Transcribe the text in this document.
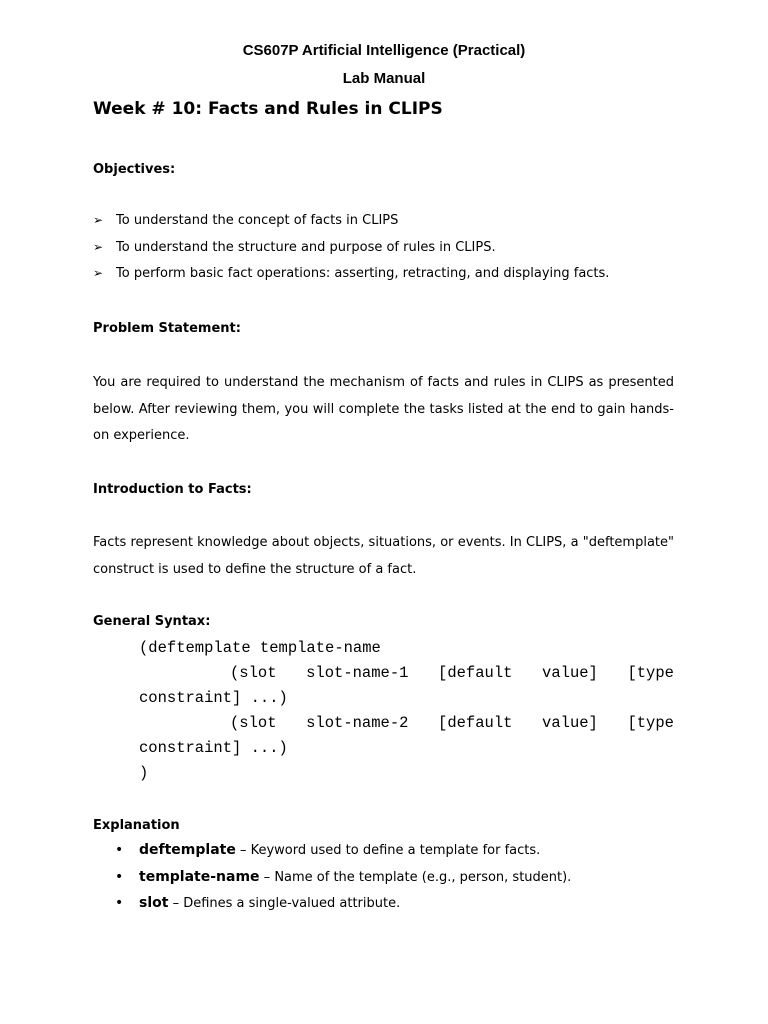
CS607P Artificial Intelligence (Practical)
Lab Manual
Week # 10: Facts and Rules in CLIPS
Objectives:
➢ To understand the concept of facts in CLIPS
➢ To understand the structure and purpose of rules in CLIPS.
➢ To perform basic fact operations: asserting, retracting, and displaying facts.
Problem Statement:

You are required to understand the mechanism of facts and rules in CLIPS as presented below. After reviewing them, you will complete the tasks listed at the end to gain hands-on experience.

Introduction to Facts:

Facts represent knowledge about objects, situations, or events. In CLIPS, a "deftemplate" construct is used to define the structure of a fact.

General Syntax:
(deftemplate template-name
(slot slot-name-1 [default value] [type
constraint] ...)
(slot slot-name-2 [default value] [type
constraint] ...)
)
Explanation
•	deftemplate – Keyword used to define a template for facts.
•	template-name – Name of the template (e.g., person, student).
•	slot – Defines a single-valued attribute.
